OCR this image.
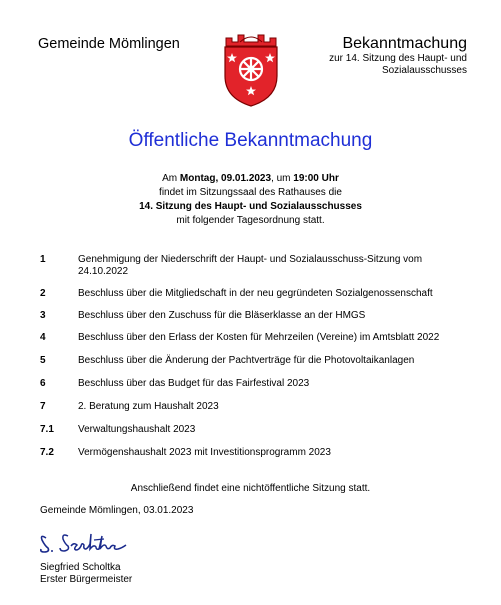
Gemeinde Mömlingen	Bekanntmachung
zur 14. Sitzung des Haupt- und
Sozialausschusses
Öffentliche Bekanntmachung
Am Montag, 09.01.2023, um 19:00 Uhr
findet im Sitzungssaal des Rathauses die
14. Sitzung des Haupt- und Sozialausschusses
mit folgender Tagesordnung statt.
1	Genehmigung der Niederschrift der Haupt- und Sozialausschuss-Sitzung vom 24.10.2022
2	Beschluss über die Mitgliedschaft in der neu gegründeten Sozialgenossenschaft
3	Beschluss über den Zuschuss für die Bläserklasse an der HMGS
4	Beschluss über den Erlass der Kosten für Mehrzeilen (Vereine) im Amtsblatt 2022
5	Beschluss über die Änderung der Pachtverträge für die Photovoltaikanlagen
6	Beschluss über das Budget für das Fairfestival 2023
7	2. Beratung zum Haushalt 2023
7.1 Verwaltungshaushalt 2023
7.2 Vermögenshaushalt 2023 mit Investitionsprogramm 2023
Anschließend findet eine nichtöffentliche Sitzung statt.
Gemeinde Mömlingen, 03.01.2023
Siegfried Scholtka
Erster Bürgermeister
